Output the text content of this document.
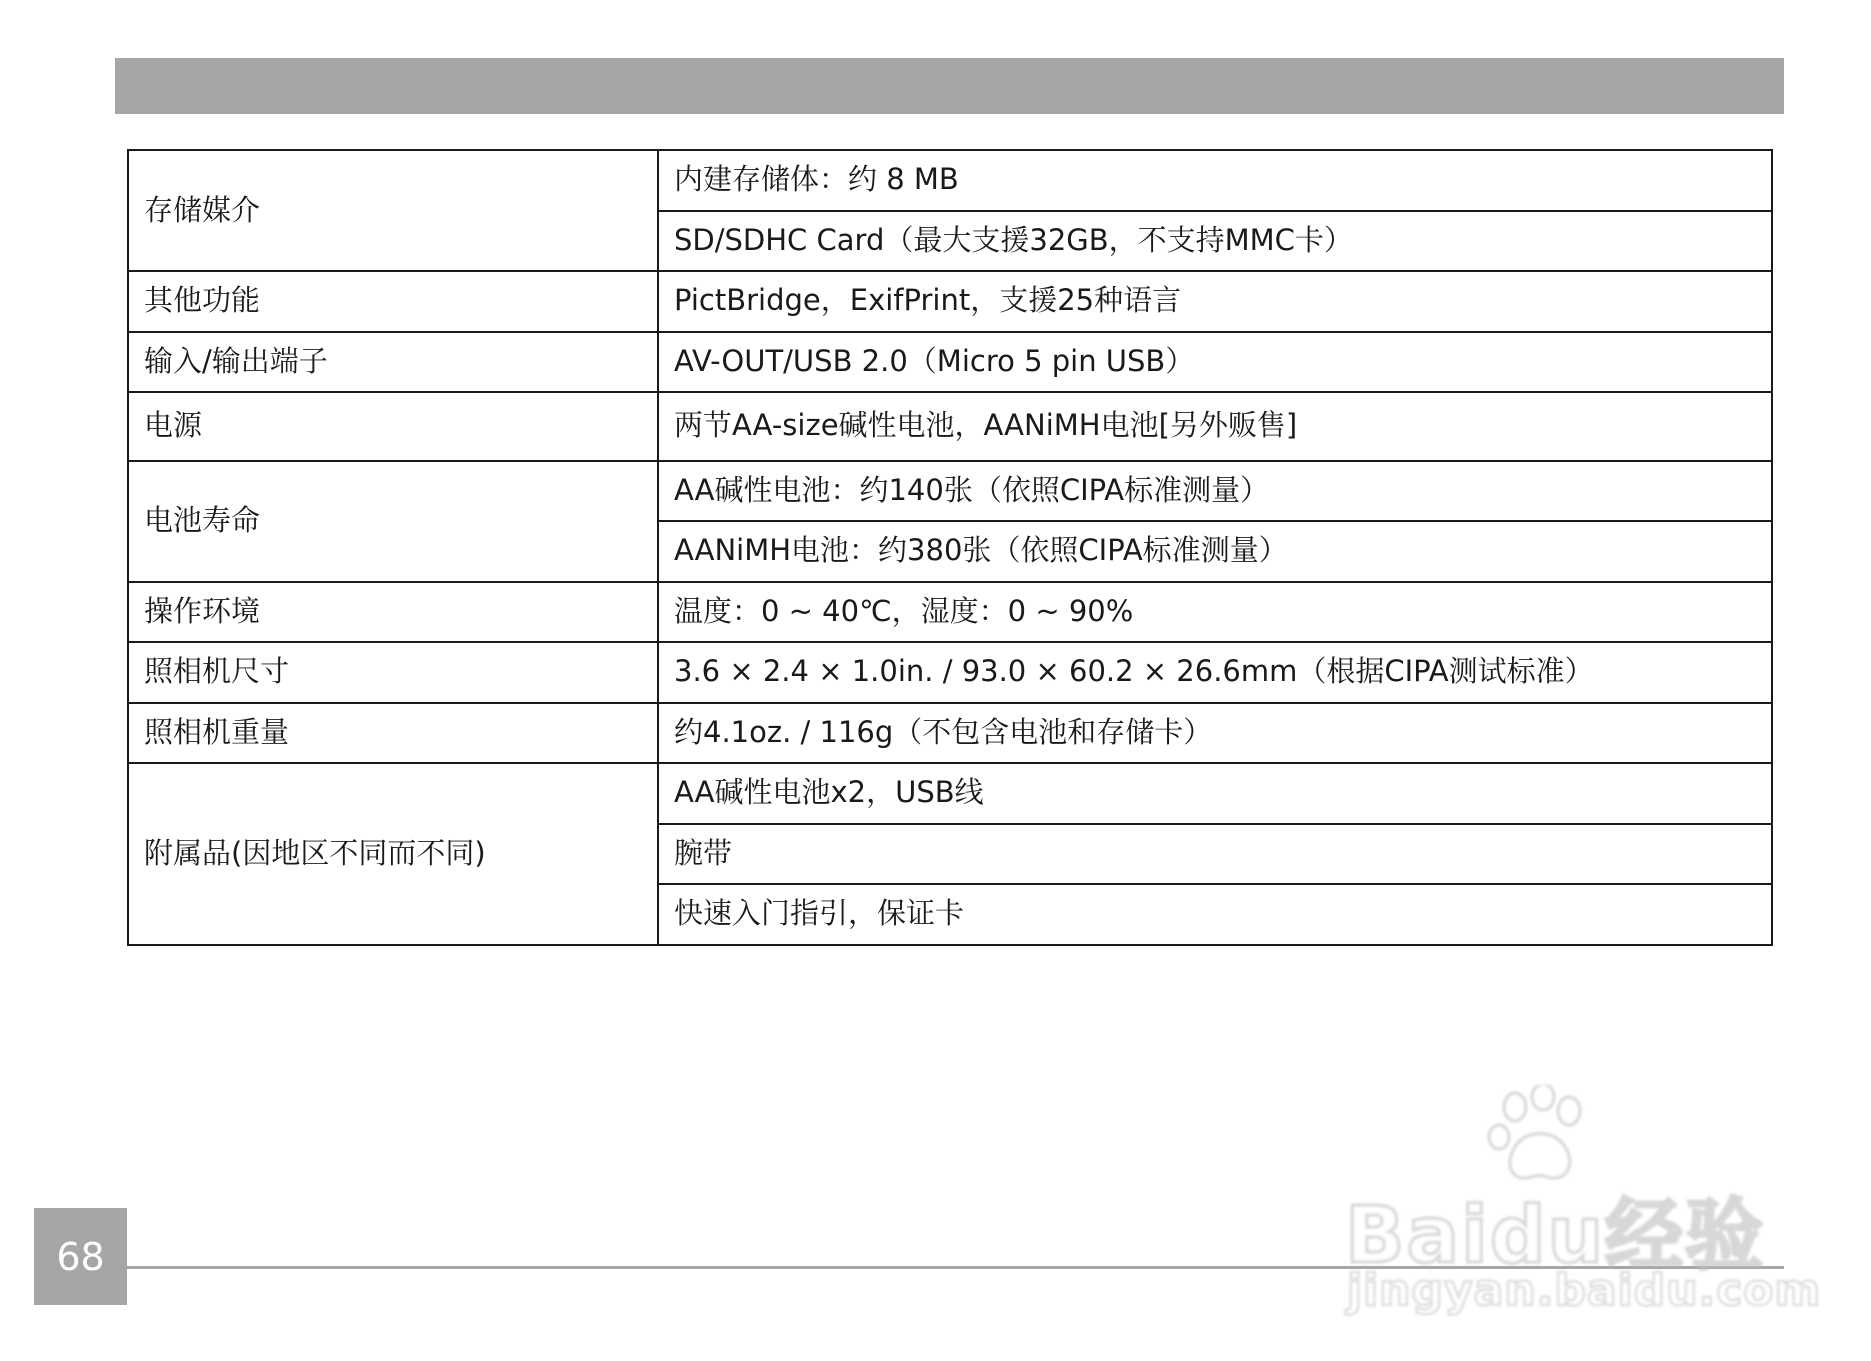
存储媒介	内建存储体：约 8 MB
	SD/SDHC Card（最大支援32GB，不支持MMC卡）
其他功能	PictBridge，ExifPrint，支援25种语言
输入/输出端子	AV-OUT/USB 2.0（Micro 5 pin USB）
电源	两节AA-size碱性电池，AANiMH电池[另外贩售]
电池寿命	AA碱性电池：约140张（依照CIPA标准测量）
	AANiMH电池：约380张（依照CIPA标准测量）
操作环境	温度：0 ~ 40℃，湿度：0 ~ 90%
照相机尺寸	3.6 × 2.4 × 1.0in. / 93.0 × 60.2 × 26.6mm（根据CIPA测试标准）
照相机重量	约4.1oz. / 116g（不包含电池和存储卡）
附属品(因地区不同而不同)	AA碱性电池x2，USB线
	腕带
	快速入门指引，保证卡
68	Baidu经验
jingyan.baidu.com
